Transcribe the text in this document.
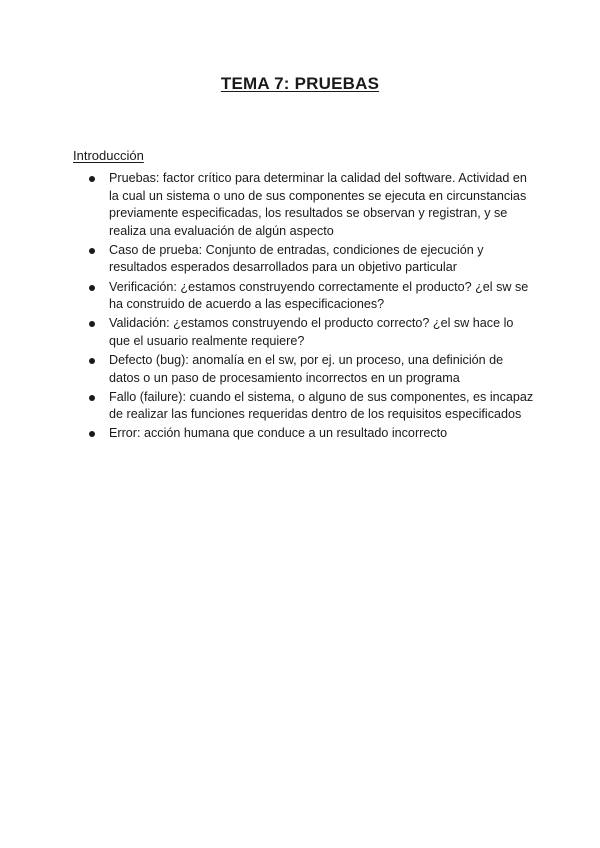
TEMA 7: PRUEBAS
Introducción
Pruebas: factor crítico para determinar la calidad del software. Actividad en la cual un sistema o uno de sus componentes se ejecuta en circunstancias previamente especificadas, los resultados se observan y registran, y se realiza una evaluación de algún aspecto
Caso de prueba: Conjunto de entradas, condiciones de ejecución y resultados esperados desarrollados para un objetivo particular
Verificación: ¿estamos construyendo correctamente el producto? ¿el sw se ha construido de acuerdo a las especificaciones?
Validación: ¿estamos construyendo el producto correcto? ¿el sw hace lo que el usuario realmente requiere?
Defecto (bug): anomalía en el sw, por ej. un proceso, una definición de datos o un paso de procesamiento incorrectos en un programa
Fallo (failure): cuando el sistema, o alguno de sus componentes, es incapaz de realizar las funciones requeridas dentro de los requisitos especificados
Error: acción humana que conduce a un resultado incorrecto
